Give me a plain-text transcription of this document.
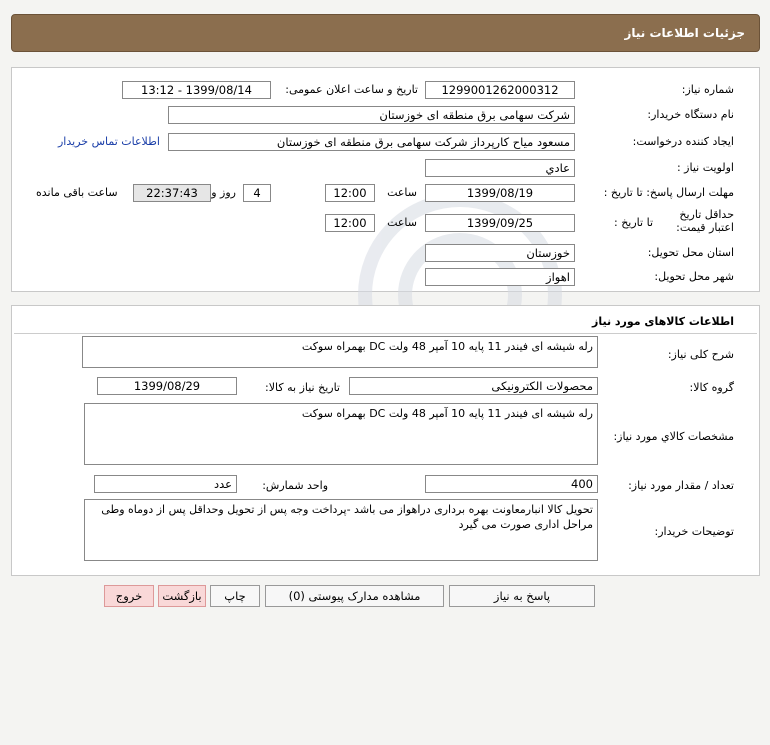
جزئیات اطلاعات نیاز
شماره نیاز:
1299001262000312
تاریخ و ساعت اعلان عمومی:
1399/08/14 - 13:12
نام دستگاه خریدار:
شرکت سهامی برق منطقه ای خوزستان
ایجاد کننده درخواست:
مسعود میاح کارپرداز شرکت سهامی برق منطقه ای خوزستان
اطلاعات تماس خریدار
اولویت نیاز :
عادي
مهلت ارسال پاسخ: تا تاریخ :
1399/08/19
ساعت
12:00
4
روز و
22:37:43
ساعت باقی مانده
حداقل تاریخ اعتبار قیمت:
تا تاریخ :
1399/09/25
ساعت
12:00
استان محل تحویل:
خوزستان
شهر محل تحویل:
اهواز
اطلاعات کالاهای مورد نیاز
شرح کلی نیاز:
رله شیشه ای فیندر 11 پایه 10 آمپر 48 ولت DC بهمراه سوکت
گروه کالا:
محصولات الکترونیکی
تاریخ نیاز به کالا:
1399/08/29
مشخصات کالاي مورد نیاز:
رله شیشه ای فیندر 11 پایه 10 آمپر 48 ولت DC بهمراه سوکت
تعداد / مقدار مورد نیاز:
400
واحد شمارش:
عدد
توضیحات خریدار:
تحویل کالا انبارمعاونت بهره برداری دراهواز می باشد -پرداخت وجه پس از تحویل وحداقل پس از دوماه وطی مراحل اداری صورت می گیرد
پاسخ به نیاز
مشاهده مدارک پیوستی (0)
چاپ
بازگشت
خروج
